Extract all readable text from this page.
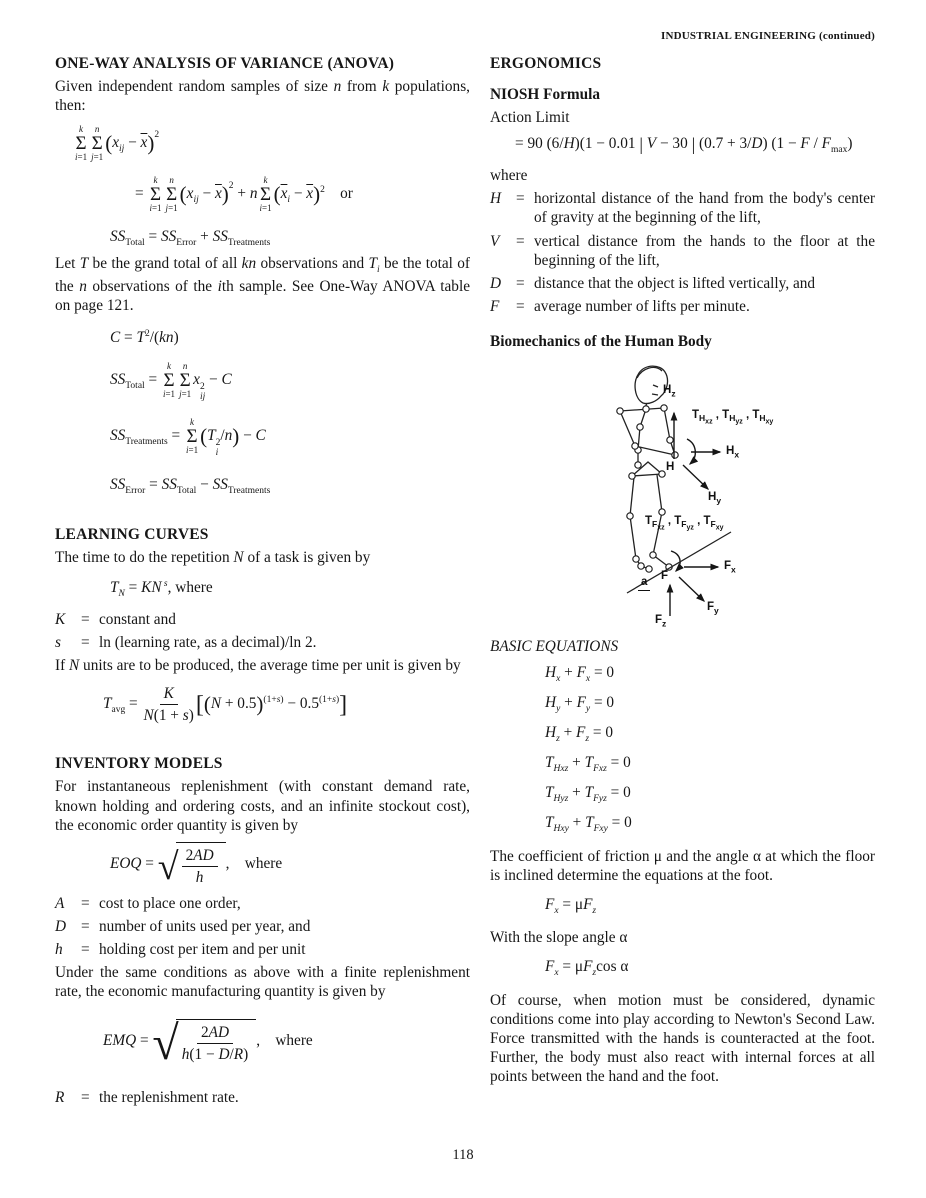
INDUSTRIAL ENGINEERING (continued)
ONE-WAY ANALYSIS OF VARIANCE (ANOVA)

Given independent random samples of size n from k populations, then:

k
Σ
i=1
n
Σ
j=1
$(x_{ij} - \overline{x})^2$
=
k
Σ
i=1
n
Σ
j=1
$(x_{ij} - \overline{x})^2 + n$
k
Σ
i=1
$(\overline{x}_i - \overline{x})^2$    or
$SS_{Total} = SS_{Error} + SS_{Treatments}$

Let T be the grand total of all kn observations and $T_i$ be the total of the n observations of the ith sample. See One-Way ANOVA table on page 121.

$C = T^2/(kn)$
$SS_{Total}$ =
k
Σ
i=1
n
Σ
j=1
x 2
ij
− C
$SS_{Treatments}$ =
k
Σ
i=1
(T 2
i
/n) − C
$SS_{Error} = SS_{Total} - SS_{Treatments}$
LEARNING CURVES

The time to do the repetition N of a task is given by

$T_N$ = KN $^s$, where
K	= constant and
s	= ln (learning rate, as a decimal)/ln 2.

If N units are to be produced, the average time per unit is given by

$T_{avg} = \frac{K}{N(1 + s)} [(N + 0.5)^{(1+s)} - 0.5^{(1+s)}]$
INVENTORY MODELS

For instantaneous replenishment (with constant demand rate, known holding and ordering costs, and an infinite stockout cost), the economic order quantity is given by

EOQ = √ $\frac{2AD}{h}$ ,    where
A	= cost to place one order,
D = number of units used per year, and
h	= holding cost per item and per unit

Under the same conditions as above with a finite replenishment rate, the economic manufacturing quantity is given by

EMQ = √ $\frac{2AD}{h(1 - D/R)}$ ,    where
R	= the replenishment rate.
ERGONOMICS
NIOSH Formula
Action Limit
= 90 (6/H)(1 − 0.01 | V − 30 | (0.7 + 3/D) $(1 - F / F_{max})$
where
H = horizontal distance of the hand from the body's center of gravity at the beginning of the lift,
V	= vertical distance from the hands to the floor at the beginning of the lift,
D = distance that the object is lifted vertically, and
F	= average number of lifts per minute.
Biomechanics of the Human Body
$H_z$
$T_{H_{xz}}$ , $T_{H_{yz}}$ , $T_{H_{xy}}$
$H_x$
H
$H_y$
$T_{F_{xz}}$ , $T_{F_{yz}}$ , $T_{F_{xy}}$
$F_x$
F
$F_y$
$F_z$
a
BASIC EQUATIONS
$H_x + F_x = 0$
$H_y + F_y = 0$
$H_z + F_z = 0$
$T_{Hxz} + T_{Fxz} = 0$
$T_{Hyz} + T_{Fyz} = 0$
$T_{Hxy} + T_{Fxy} = 0$

The coefficient of friction μ and the angle α at which the floor is inclined determine the equations at the foot.

$F_x = \mu F_z$

With the slope angle α

$F_x = \mu F_z\cos$ α

Of course, when motion must be considered, dynamic conditions come into play according to Newton's Second Law. Force transmitted with the hands is counteracted at the foot. Further, the body must also react with internal forces at all points between the hand and the foot.

118
